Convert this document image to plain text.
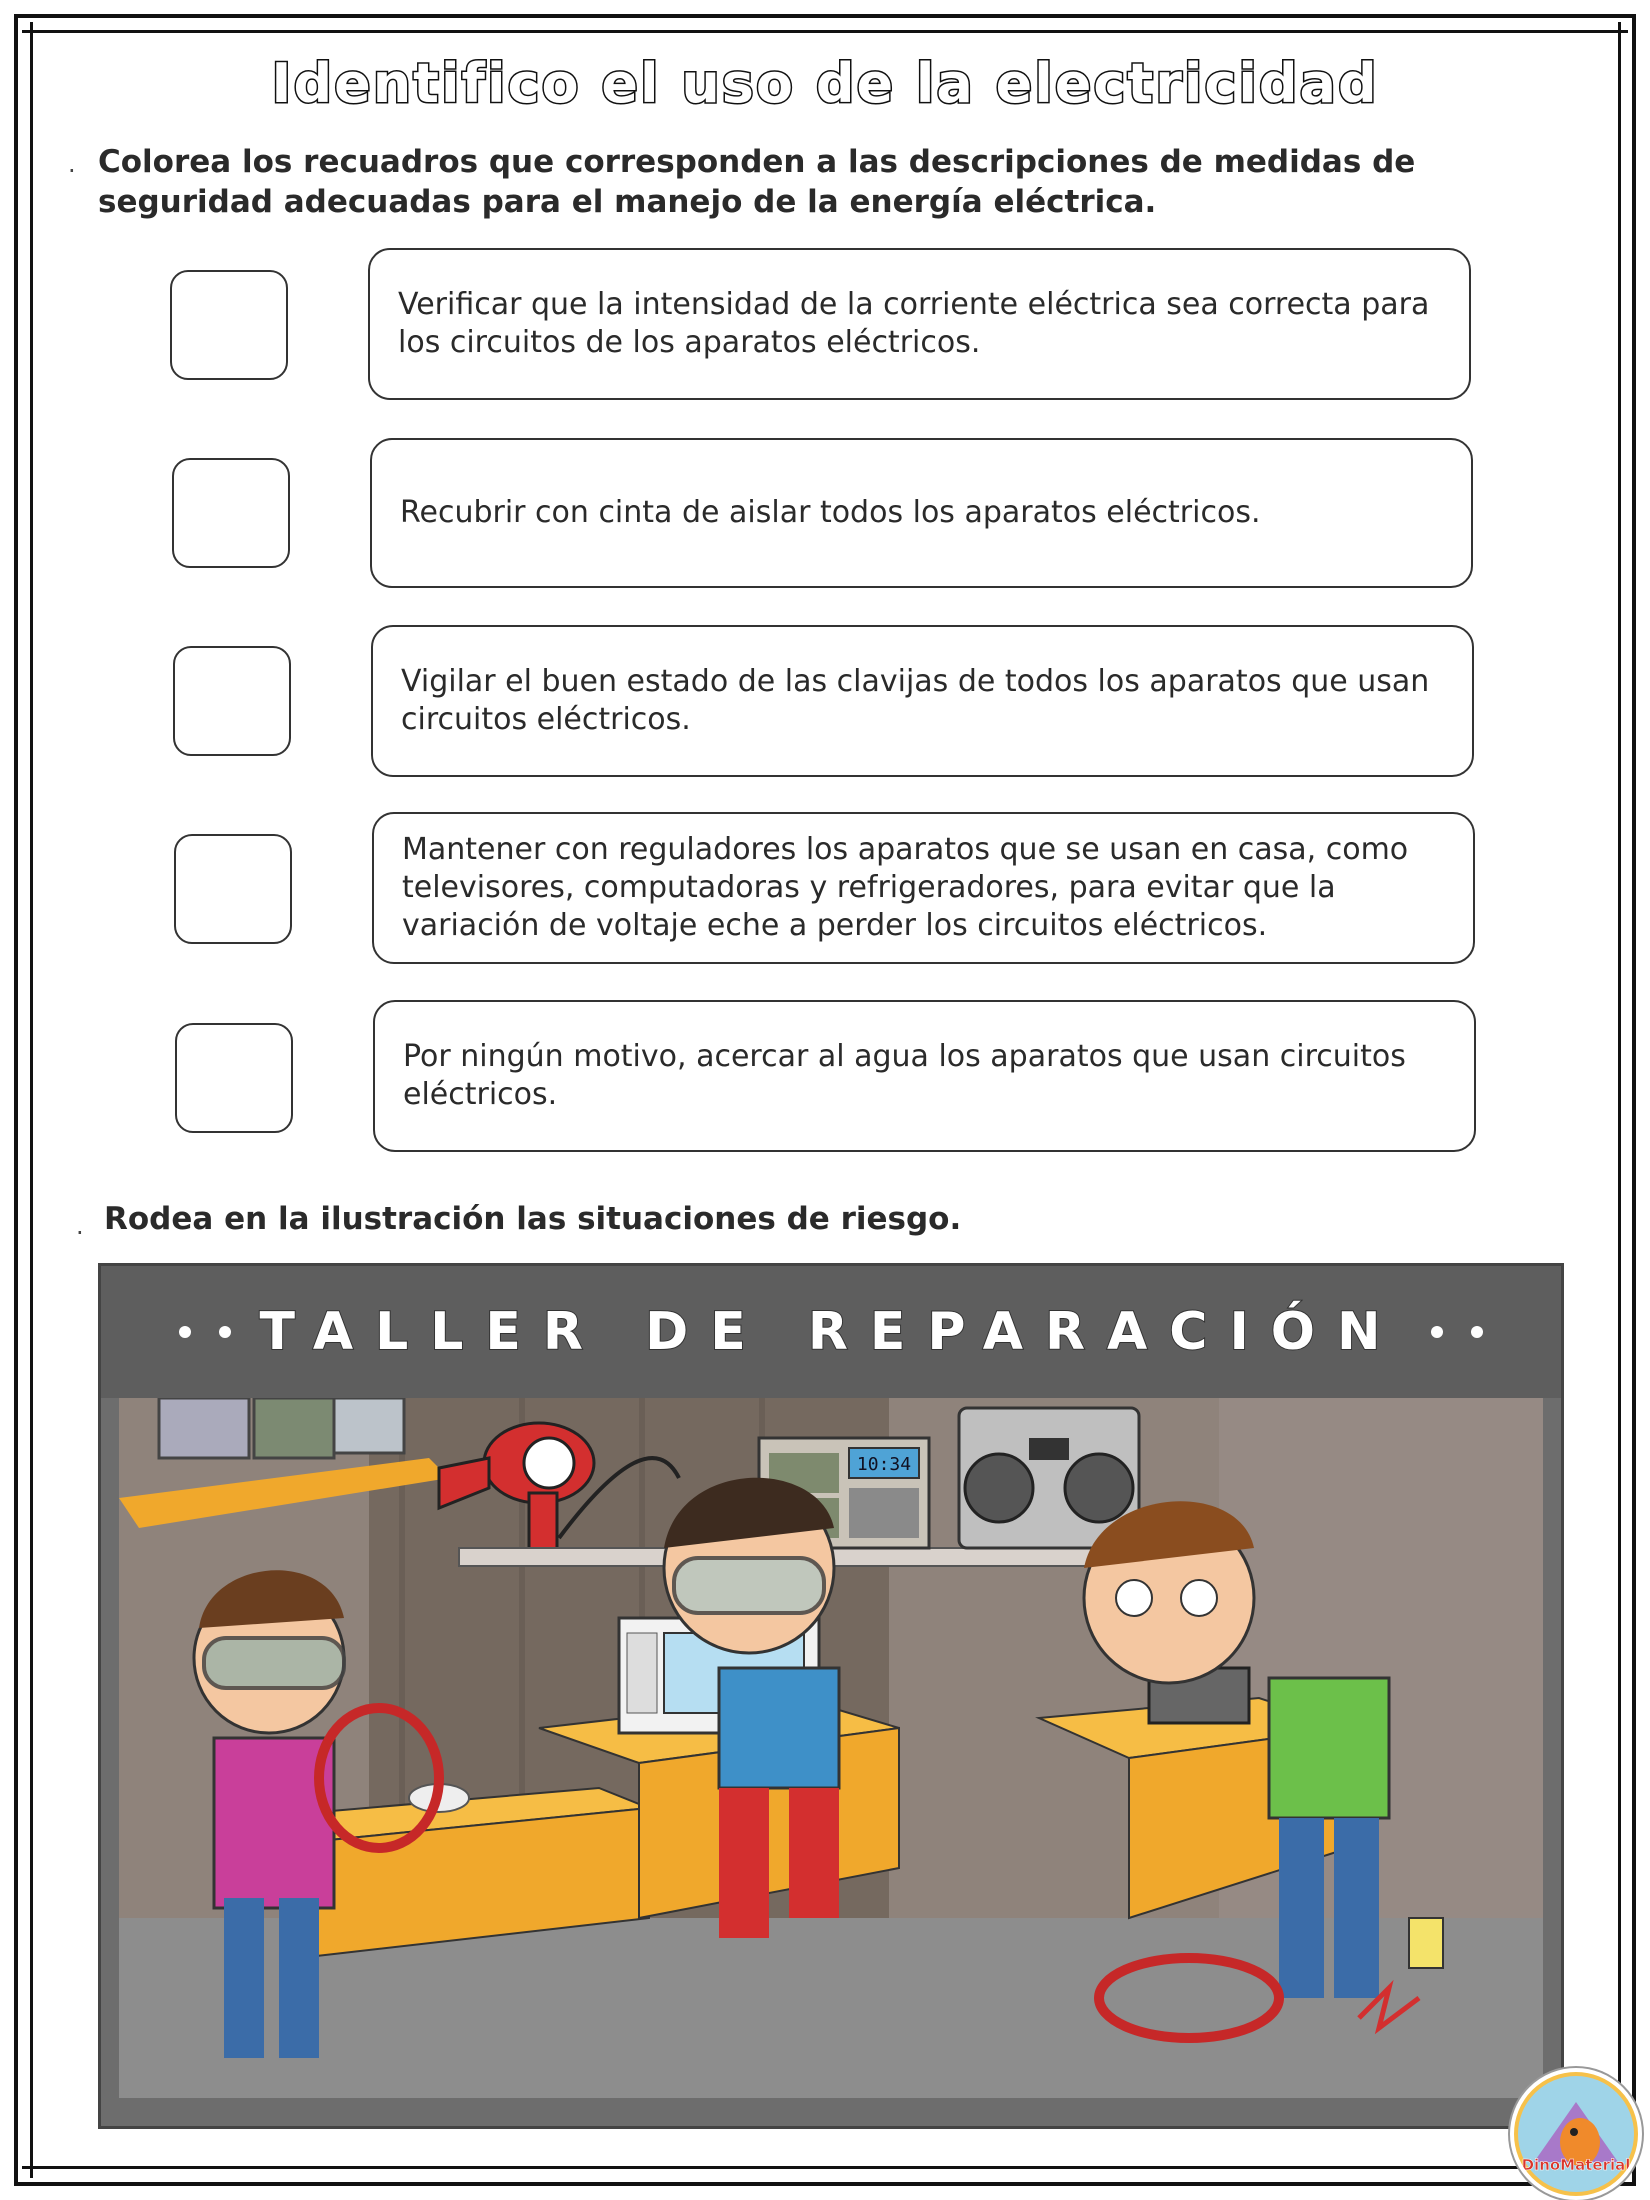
Identifico el uso de la electricidad
. Colorea los recuadros que corresponden a las descripciones de medidas de seguridad adecuadas para el manejo de la energía eléctrica.
Verificar que la intensidad de la corriente eléctrica sea correcta para los circuitos de los aparatos eléctricos.
Recubrir con cinta de aislar todos los aparatos eléctricos.
Vigilar el buen estado de las clavijas de todos los aparatos que usan circuitos eléctricos.
Mantener con reguladores los aparatos que se usan en casa, como televisores, computadoras y refrigeradores, para evitar que la variación de voltaje eche a perder los circuitos eléctricos.
Por ningún motivo, acercar al agua los aparatos que usan circuitos eléctricos.
. Rodea en la ilustración las situaciones de riesgo.
TALLER DE REPARACIÓN
10:34
DinoMaterial
